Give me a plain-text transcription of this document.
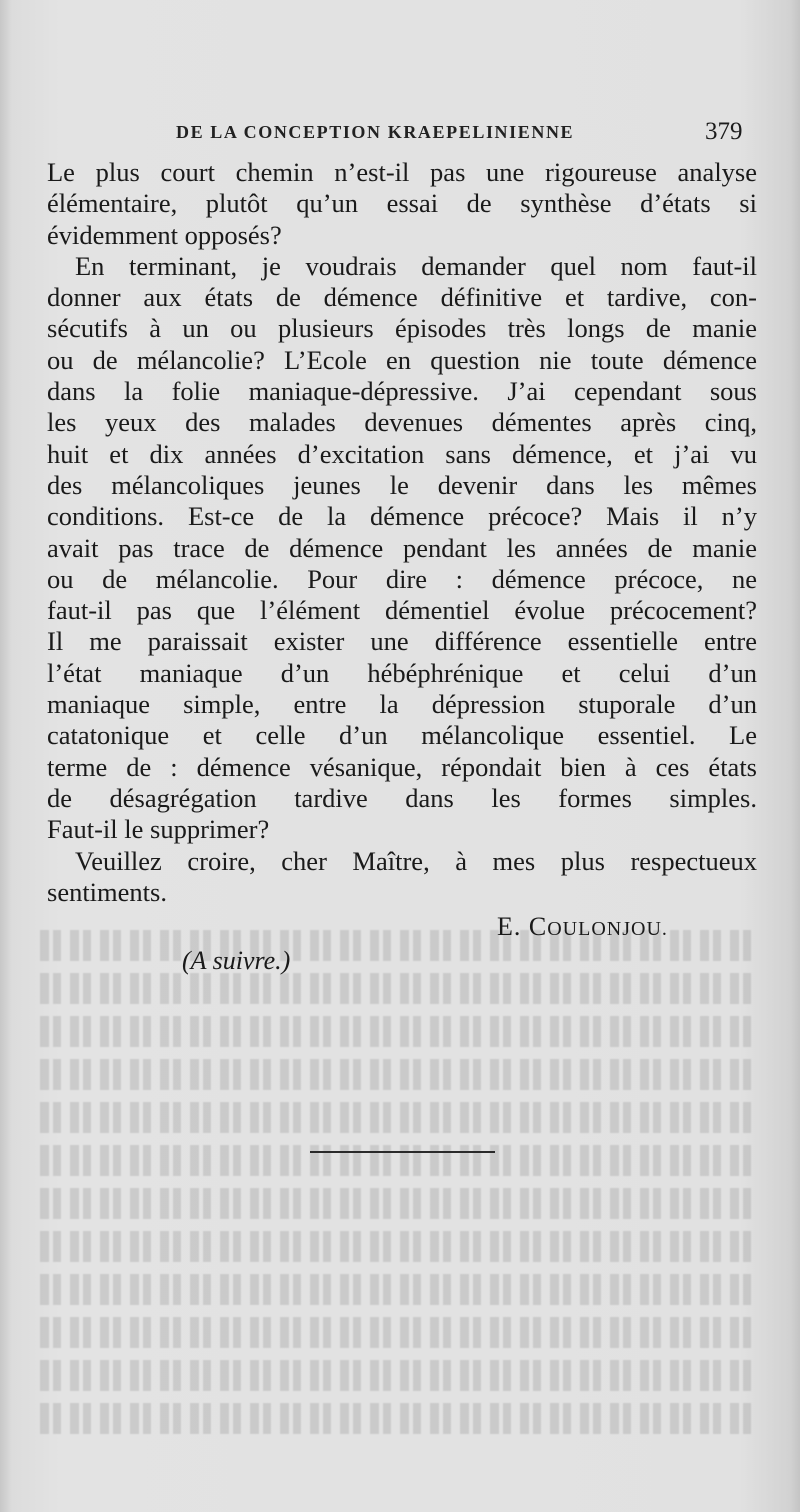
DE LA CONCEPTION KRAEPELINIENNE	379
Le plus court chemin n’est-il pas une rigoureuse analyse
élémentaire, plutôt qu’un essai de synthèse d’états si
évidemment opposés?
En terminant, je voudrais demander quel nom faut-il
donner aux états de démence définitive et tardive, con-
sécutifs à un ou plusieurs épisodes très longs de manie
ou de mélancolie? L’Ecole en question nie toute démence
dans la folie maniaque-dépressive. J’ai cependant sous
les yeux des malades devenues démentes après cinq,
huit et dix années d’excitation sans démence, et j’ai vu
des mélancoliques jeunes le devenir dans les mêmes
conditions. Est-ce de la démence précoce? Mais il n’y
avait pas trace de démence pendant les années de manie
ou de mélancolie. Pour dire : démence précoce, ne
faut-il pas que l’élément démentiel évolue précocement?
Il me paraissait exister une différence essentielle entre
l’état maniaque d’un hébéphrénique et celui d’un
maniaque simple, entre la dépression stuporale d’un
catatonique et celle d’un mélancolique essentiel. Le
terme de : démence vésanique, répondait bien à ces états
de désagrégation tardive dans les formes simples.
Faut-il le supprimer?
Veuillez croire, cher Maître, à mes plus respectueux
sentiments.
E. COULONJOU.
(A suivre.)
